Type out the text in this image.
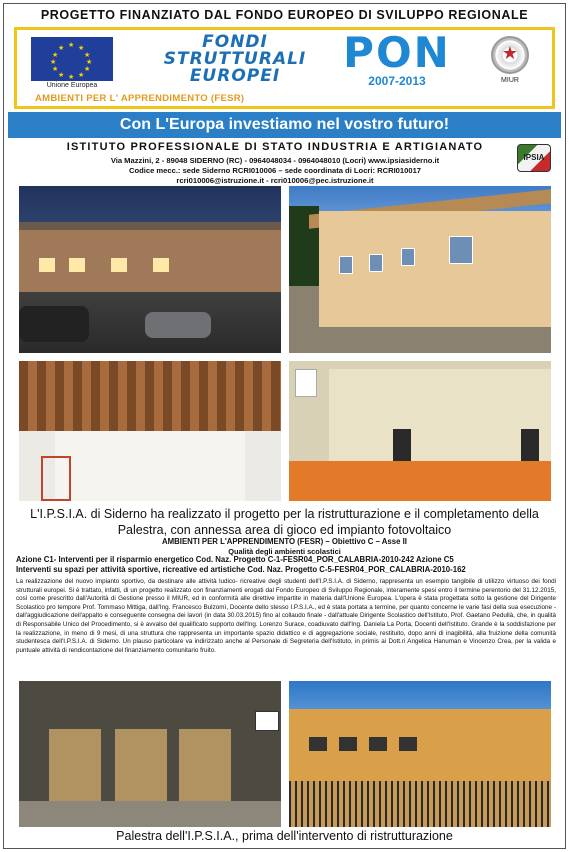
PROGETTO FINANZIATO DAL FONDO EUROPEO DI SVILUPPO REGIONALE
★ ★
★
★
★
★
★
★
★
★
★
★
Unione Europea
FONDI
STRUTTURALI
EUROPEI	PON
2007-2013
★
MIUR
AMBIENTI PER L' APPRENDIMENTO (FESR)
Con L'Europa investiamo nel vostro futuro!
ISTITUTO PROFESSIONALE DI STATO INDUSTRIA E ARTIGIANATO
Via Mazzini, 2 - 89048 SIDERNO (RC) - 0964048034 - 0964048010 (Locri) www.ipsiasiderno.it
Codice mecc.: sede Siderno RCRI010006 – sede coordinata di Locri: RCRI010017
rcri010006@istruzione.it - rcri010006@pec.istruzione.it
IPSIA
L'I.P.S.I.A. di Siderno ha realizzato il progetto per la ristrutturazione e il completamento della Palestra, con annessa area di gioco ed impianto fotovoltaico
AMBIENTI PER L'APPRENDIMENTO (FESR) – Obiettivo C – Asse II
Qualità degli ambienti scolastici
Azione C1- Interventi per il risparmio energetico Cod. Naz. Progetto C-1-FESR04_POR_CALABRIA-2010-242 Azione C5
Interventi su spazi per attività sportive, ricreative ed artistiche Cod. Naz. Progetto C-5-FESR04_POR_CALABRIA-2010-162
La realizzazione del nuovo impianto sportivo, da destinare alle attività ludico- ricreative degli studenti dell'I.P.S.I.A. di Siderno, rappresenta un esempio tangibile di utilizzo virtuoso dei fondi strutturali europei. Si è trattato, infatti, di un progetto realizzato con finanziamenti erogati dal Fondo Europeo di Sviluppo Regionale, interamente spesi entro il termine perentorio del 31.12.2015, così come prescritto dall'Autorità di Gestione presso il MIUR, ed in conformità alle direttive impartite in materia dall'Unione Europea. L'opera è stata progettata sotto la gestione del Dirigente Scolastico pro tempore Prof. Tommaso Mittiga, dall'Ing. Francesco Bulzomì, Docente dello stesso I.P.S.I.A., ed è stata portata a termine, per quanto concerne le varie fasi della sua esecuzione - dall'aggiudicazione dell'appalto e conseguente consegna dei lavori (in data 30.03.2015) fino al collaudo finale - dall'attuale Dirigente Scolastico dell'Istituto, Prof. Gaetano Pedullà, che, in qualità di Responsabile Unico del Procedimento, si è avvalso del qualificato supporto dell'Ing. Lorenzo Surace, coadiuvato dall'Ing. Daniela La Porta, Docenti dell'Istituto. Grande è la soddisfazione per la realizzazione, in meno di 9 mesi, di una struttura che rappresenta un importante spazio didattico e di aggregazione sociale, restituito, dopo anni di inagibilità, alla fruizione della comunità studentesca dell'I.P.S.I.A. di Siderno. Un plauso particolare va indirizzato anche al Personale di Segreteria dell'Istituto, in primis ai Dott.ri Angelica Hanuman e Vincenzo Crea, per la valida e puntuale attività di rendicontazione del finanziamento comunitario fruito.
Palestra dell'I.P.S.I.A., prima dell'intervento di ristrutturazione
